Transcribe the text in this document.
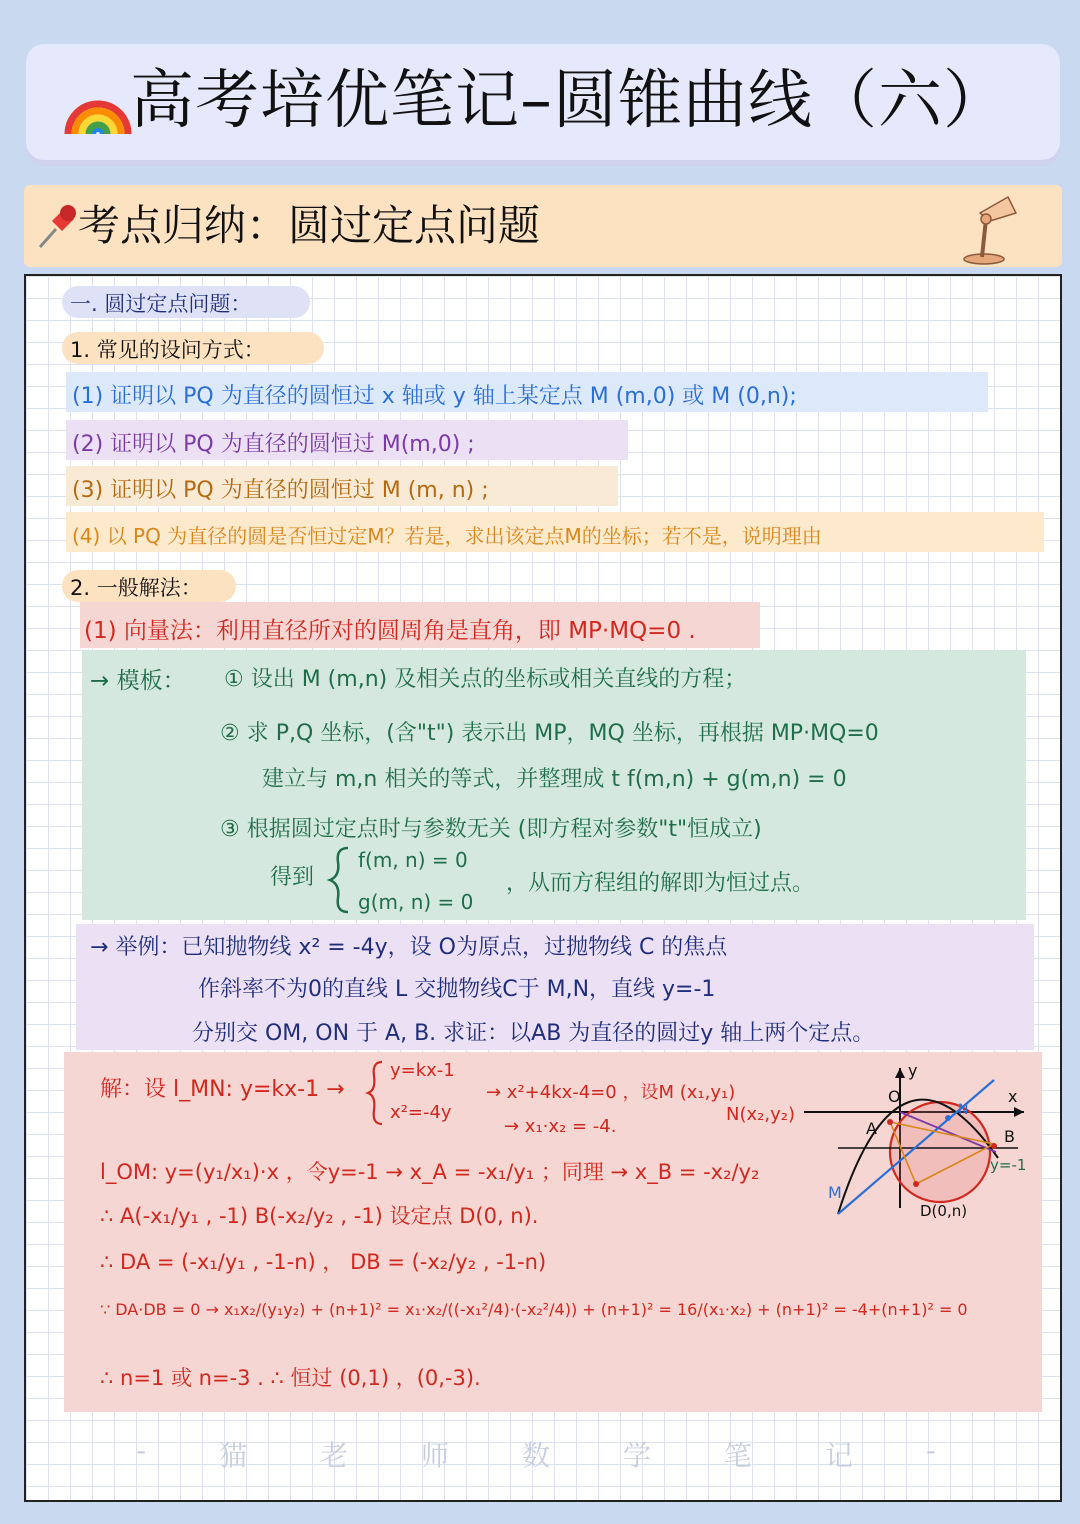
高考培优笔记–圆锥曲线（六）
考点归纳：圆过定点问题
一. 圆过定点问题：
1. 常见的设问方式：
(1) 证明以 PQ 为直径的圆恒过 x 轴或 y 轴上某定点 M (m,0) 或 M (0,n);
(2) 证明以 PQ 为直径的圆恒过 M(m,0) ;
(3) 证明以 PQ 为直径的圆恒过 M (m, n) ;
(4) 以 PQ 为直径的圆是否恒过定M？若是，求出该定点M的坐标；若不是，说明理由
2. 一般解法：
(1) 向量法：利用直径所对的圆周角是直角，即 MP·MQ=0 .
→ 模板： ① 设出 M (m,n) 及相关点的坐标或相关直线的方程；
② 求 P,Q 坐标，(含"t") 表示出 MP，MQ 坐标，再根据 MP·MQ=0
建立与 m,n 相关的等式，并整理成 t f(m,n) + g(m,n) = 0
③ 根据圆过定点时与参数无关 (即方程对参数"t"恒成立)
得到
f(m, n) = 0
g(m, n) = 0
，从而方程组的解即为恒过点。
→ 举例：已知抛物线 x² = -4y，设 O为原点，过抛物线 C 的焦点
作斜率不为0的直线 L 交抛物线C于 M,N，直线 y=-1
分别交 OM, ON 于 A, B. 求证：以AB 为直径的圆过y 轴上两个定点。
解：设 l_MN: y=kx-1 →
y=kx-1
x²=-4y
→ x²+4kx-4=0 ，设M (x₁,y₁)
N(x₂,y₂)
→ x₁·x₂ = -4.
l_OM: y=(y₁/x₁)·x ，令y=-1 → x_A = -x₁/y₁ ；同理 → x_B = -x₂/y₂
∴ A(-x₁/y₁ , -1) B(-x₂/y₂ , -1) 设定点 D(0, n).
∴ DA = (-x₁/y₁ , -1-n) ， DB = (-x₂/y₂ , -1-n)
∵ DA·DB = 0 → x₁x₂/(y₁y₂) + (n+1)² = x₁·x₂/((-x₁²/4)·(-x₂²/4)) + (n+1)² = 16/(x₁·x₂) + (n+1)² = -4+(n+1)² = 0
∴ n=1 或 n=-3 . ∴ 恒过 (0,1) ，(0,-3).
O
y
x
A	B
M
N
y=-1
D(0,n)
-	猫	老	师	数	学	笔	记	-
